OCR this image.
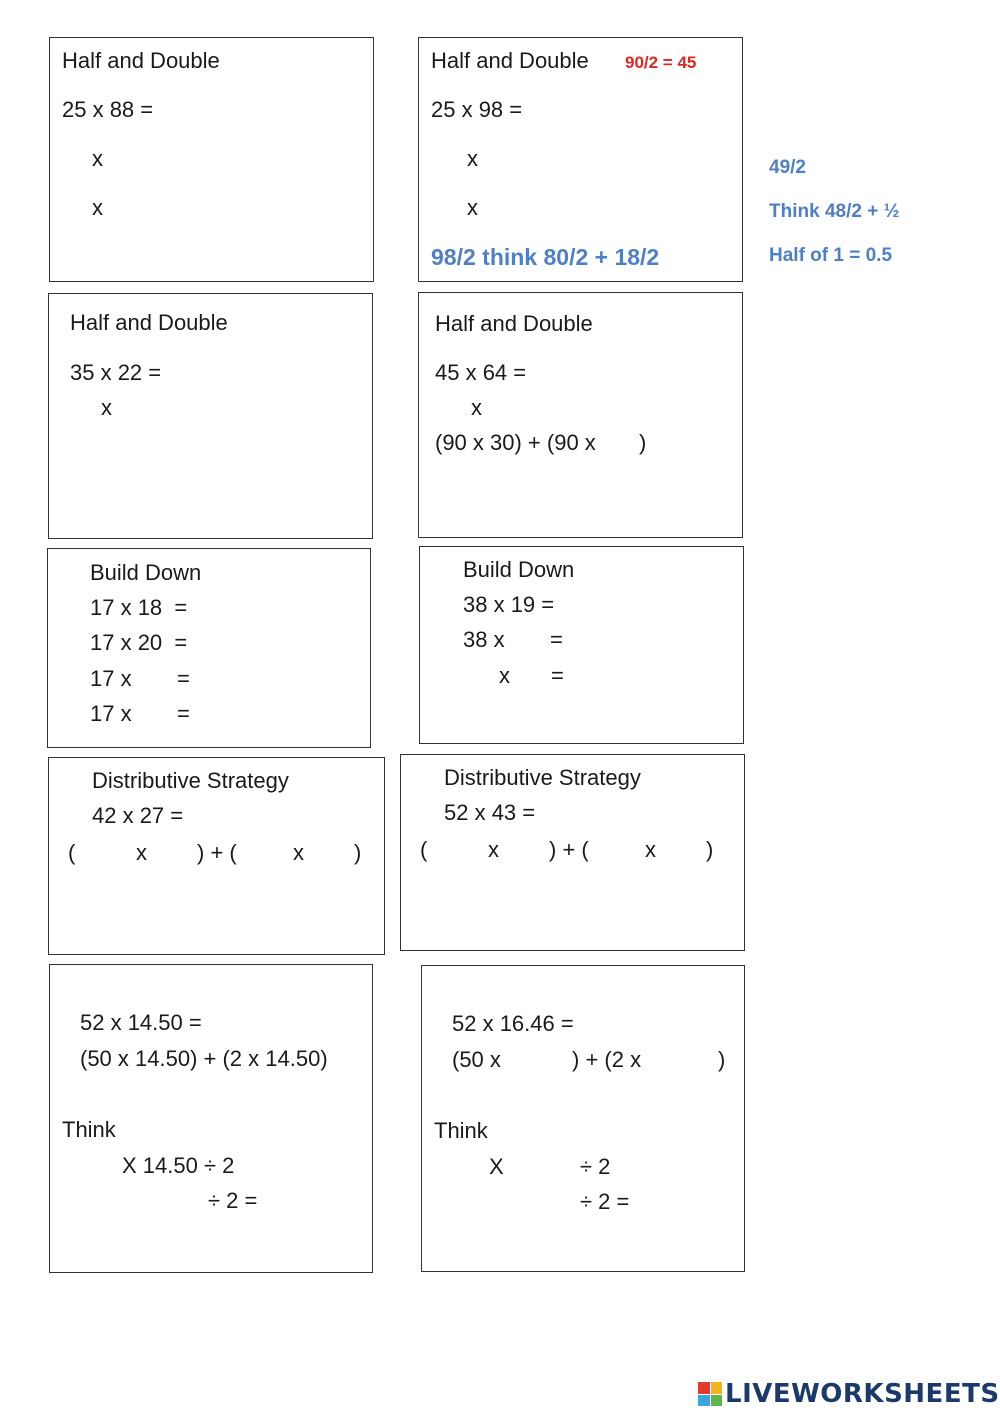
Half and Double
25 x 88 =
x
x
Half and Double 90/2 = 45
25 x 98 =
x
x
98/2 think 80/2 + 18/2
49/2
Think 48/2 + ½
Half of 1 = 0.5
Half and Double
35 x 22 =
x
Half and Double
45 x 64 =
x
(90 x 30) + (90 x )
Build Down
17 x 18  =
17 x 20  =
17 x =
17 x =
Build Down
38 x 19 =
38 x =
x =
Distributive Strategy
42 x 27 =
(	x ) + (	x )
Distributive Strategy
52 x 43 =
(	x ) + (	x )
52 x 14.50 =
(50 x 14.50) + (2 x 14.50)
Think
X 14.50 ÷ 2
÷ 2 =
52 x 16.46 =
(50 x	) + (2 x	)
Think
X	÷ 2
÷ 2 =
LIVEWORKSHEETS
